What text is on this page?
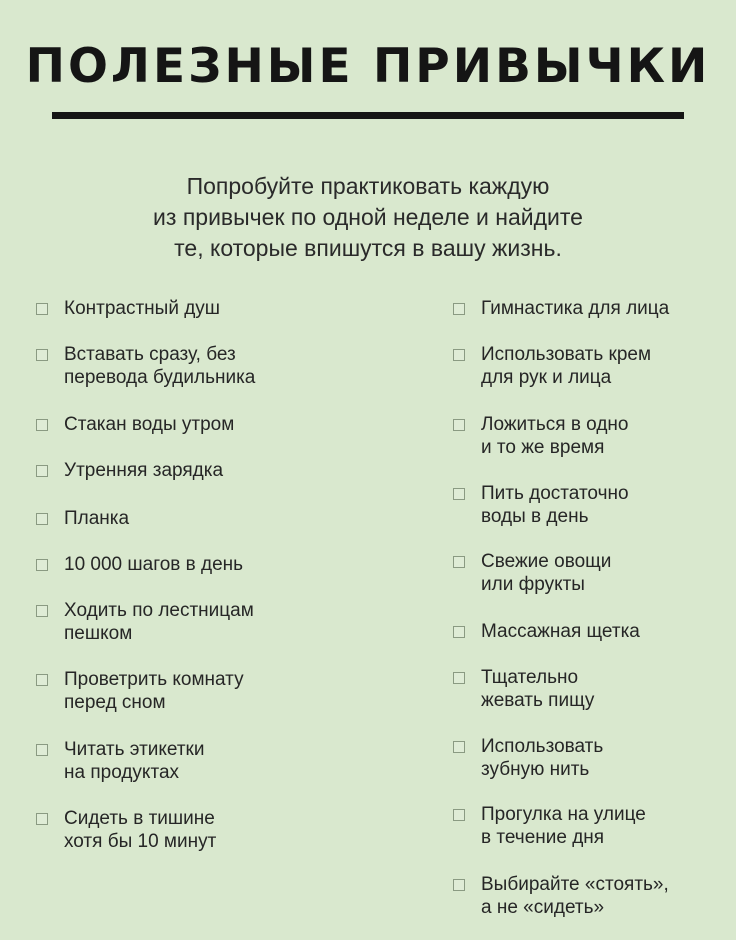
ПОЛЕЗНЫЕ ПРИВЫЧКИ
Попробуйте практиковать каждую
из привычек по одной неделе и найдите
те, которые впишутся в вашу жизнь.
Контрастный душ
Вставать сразу, без
перевода будильника
Стакан воды утром
Утренняя зарядка
Планка
10 000 шагов в день
Ходить по лестницам
пешком
Проветрить комнату
перед сном
Читать этикетки
на продуктах
Сидеть в тишине
хотя бы 10 минут
Гимнастика для лица
Использовать крем
для рук и лица
Ложиться в одно
и то же время
Пить достаточно
воды в день
Свежие овощи
или фрукты
Массажная щетка
Тщательно
жевать пищу
Использовать
зубную нить
Прогулка на улице
в течение дня
Выбирайте «стоять»,
а не «сидеть»
